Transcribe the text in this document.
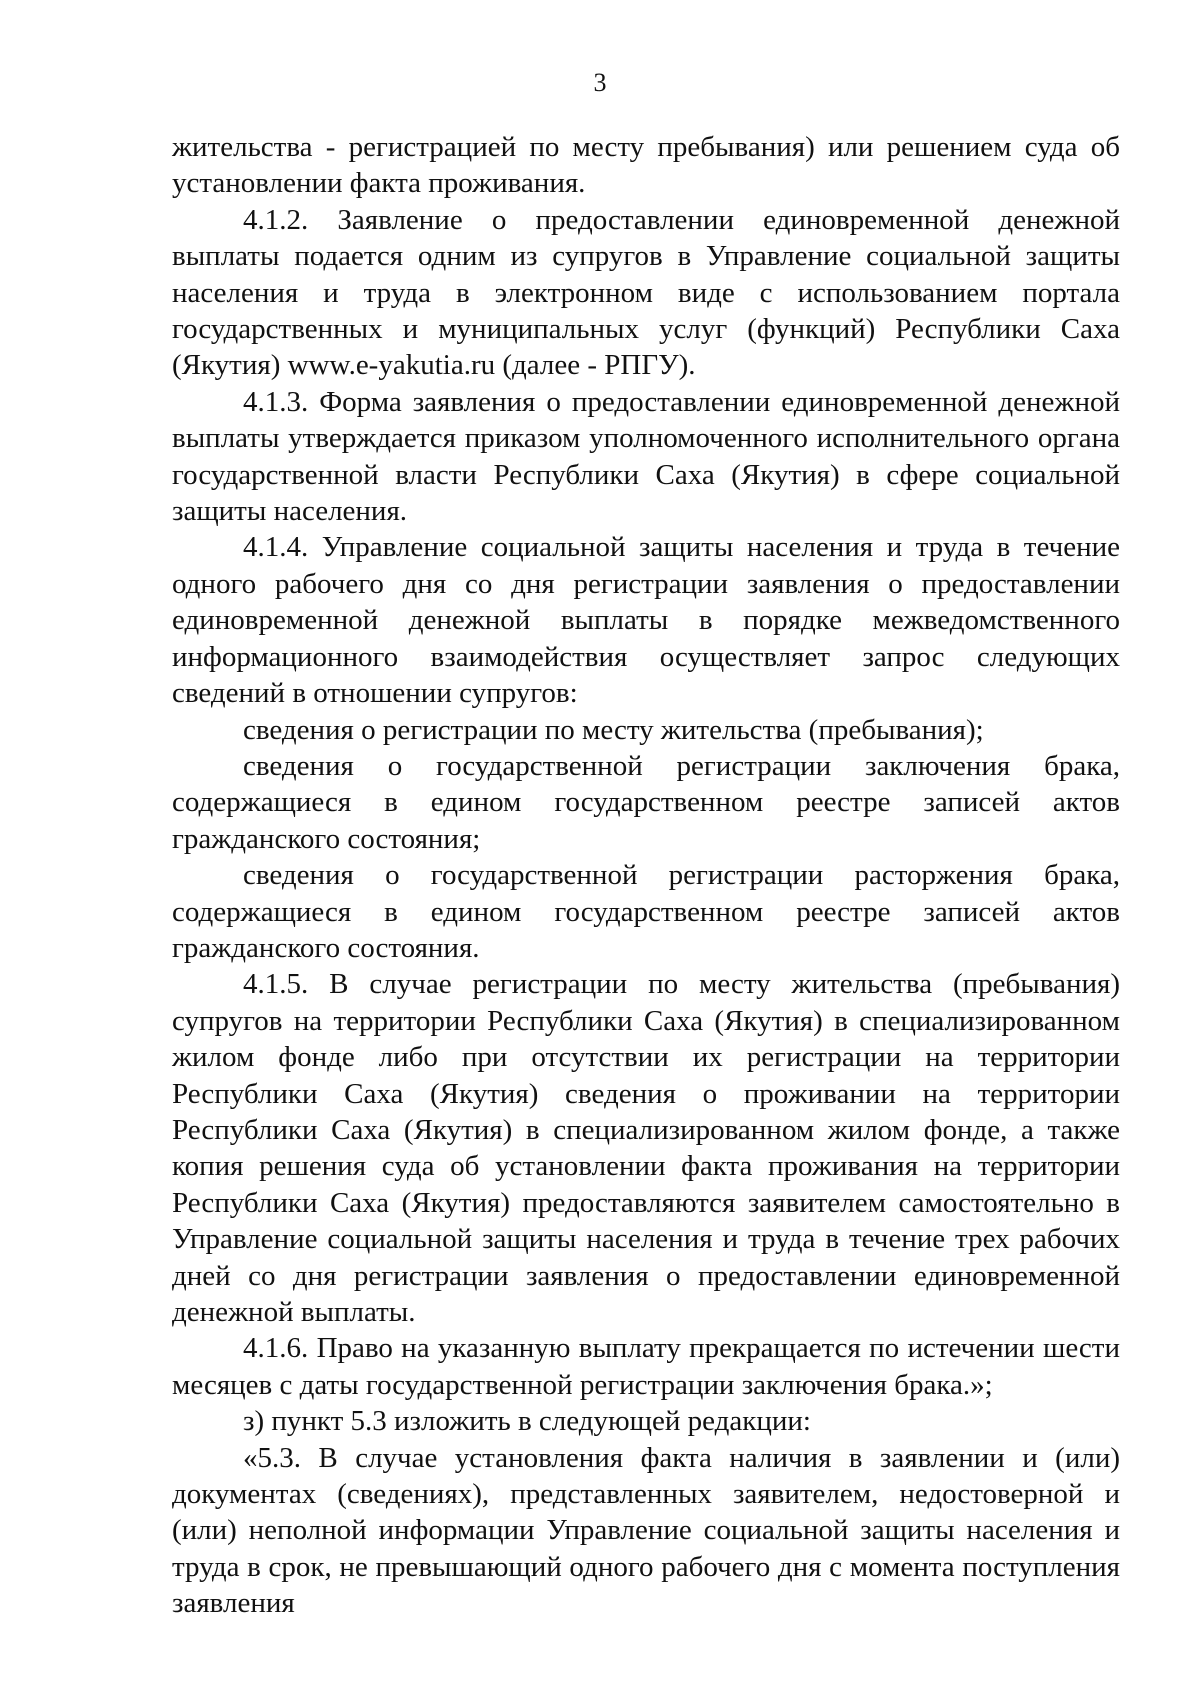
3

жительства - регистрацией по месту пребывания) или решением суда об установлении факта проживания.

4.1.2. Заявление о предоставлении единовременной денежной выплаты подается одним из супругов в Управление социальной защиты населения и труда в электронном виде с использованием портала государственных и муниципальных услуг (функций) Республики Саха (Якутия) www.e-yakutia.ru (далее - РПГУ).

4.1.3. Форма заявления о предоставлении единовременной денежной выплаты утверждается приказом уполномоченного исполнительного органа государственной власти Республики Саха (Якутия) в сфере социальной защиты населения.

4.1.4. Управление социальной защиты населения и труда в течение одного рабочего дня со дня регистрации заявления о предоставлении единовременной денежной выплаты в порядке межведомственного информационного взаимодействия осуществляет запрос следующих сведений в отношении супругов:

сведения о регистрации по месту жительства (пребывания);

сведения о государственной регистрации заключения брака, содержащиеся в едином государственном реестре записей актов гражданского состояния;

сведения о государственной регистрации расторжения брака, содержащиеся в едином государственном реестре записей актов гражданского состояния.

4.1.5. В случае регистрации по месту жительства (пребывания) супругов на территории Республики Саха (Якутия) в специализированном жилом фонде либо при отсутствии их регистрации на территории Республики Саха (Якутия) сведения о проживании на территории Республики Саха (Якутия) в специализированном жилом фонде, а также копия решения суда об установлении факта проживания на территории Республики Саха (Якутия) предоставляются заявителем самостоятельно в Управление социальной защиты населения и труда в течение трех рабочих дней со дня регистрации заявления о предоставлении единовременной денежной выплаты.

4.1.6. Право на указанную выплату прекращается по истечении шести месяцев с даты государственной регистрации заключения брака.»;

з) пункт 5.3 изложить в следующей редакции:

«5.3. В случае установления факта наличия в заявлении и (или) документах (сведениях), представленных заявителем, недостоверной и (или) неполной информации Управление социальной защиты населения и труда в срок, не превышающий одного рабочего дня с момента поступления заявления
